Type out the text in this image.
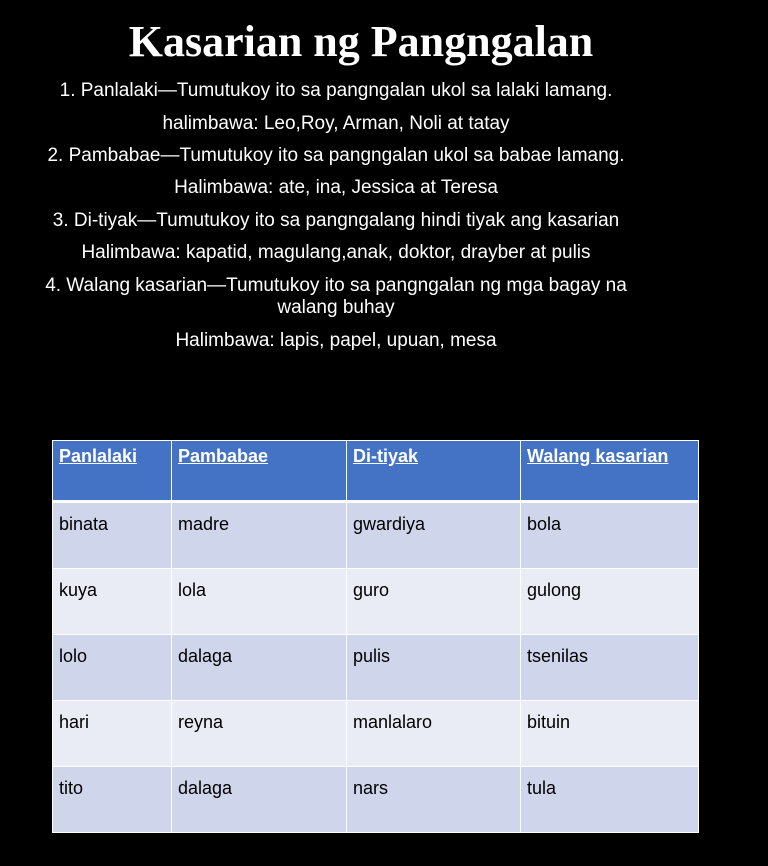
Kasarian ng Pangngalan
1. Panlalaki—Tumutukoy ito sa pangngalan ukol sa lalaki lamang.
halimbawa: Leo,Roy, Arman, Noli at tatay
2. Pambabae—Tumutukoy ito sa pangngalan ukol sa babae lamang.
Halimbawa: ate, ina, Jessica at Teresa
3. Di-tiyak—Tumutukoy ito sa pangngalang hindi tiyak ang kasarian
Halimbawa: kapatid, magulang,anak, doktor, drayber at pulis
4. Walang kasarian—Tumutukoy ito sa pangngalan ng mga bagay na
walang buhay
Halimbawa: lapis, papel, upuan, mesa
Panlalaki	Pambabae	Di-tiyak	Walang kasarian
binata	madre	gwardiya	bola
kuya	lola	guro	gulong
lolo	dalaga	pulis	tsenilas
hari	reyna	manlalaro	bituin
tito	dalaga	nars	tula
